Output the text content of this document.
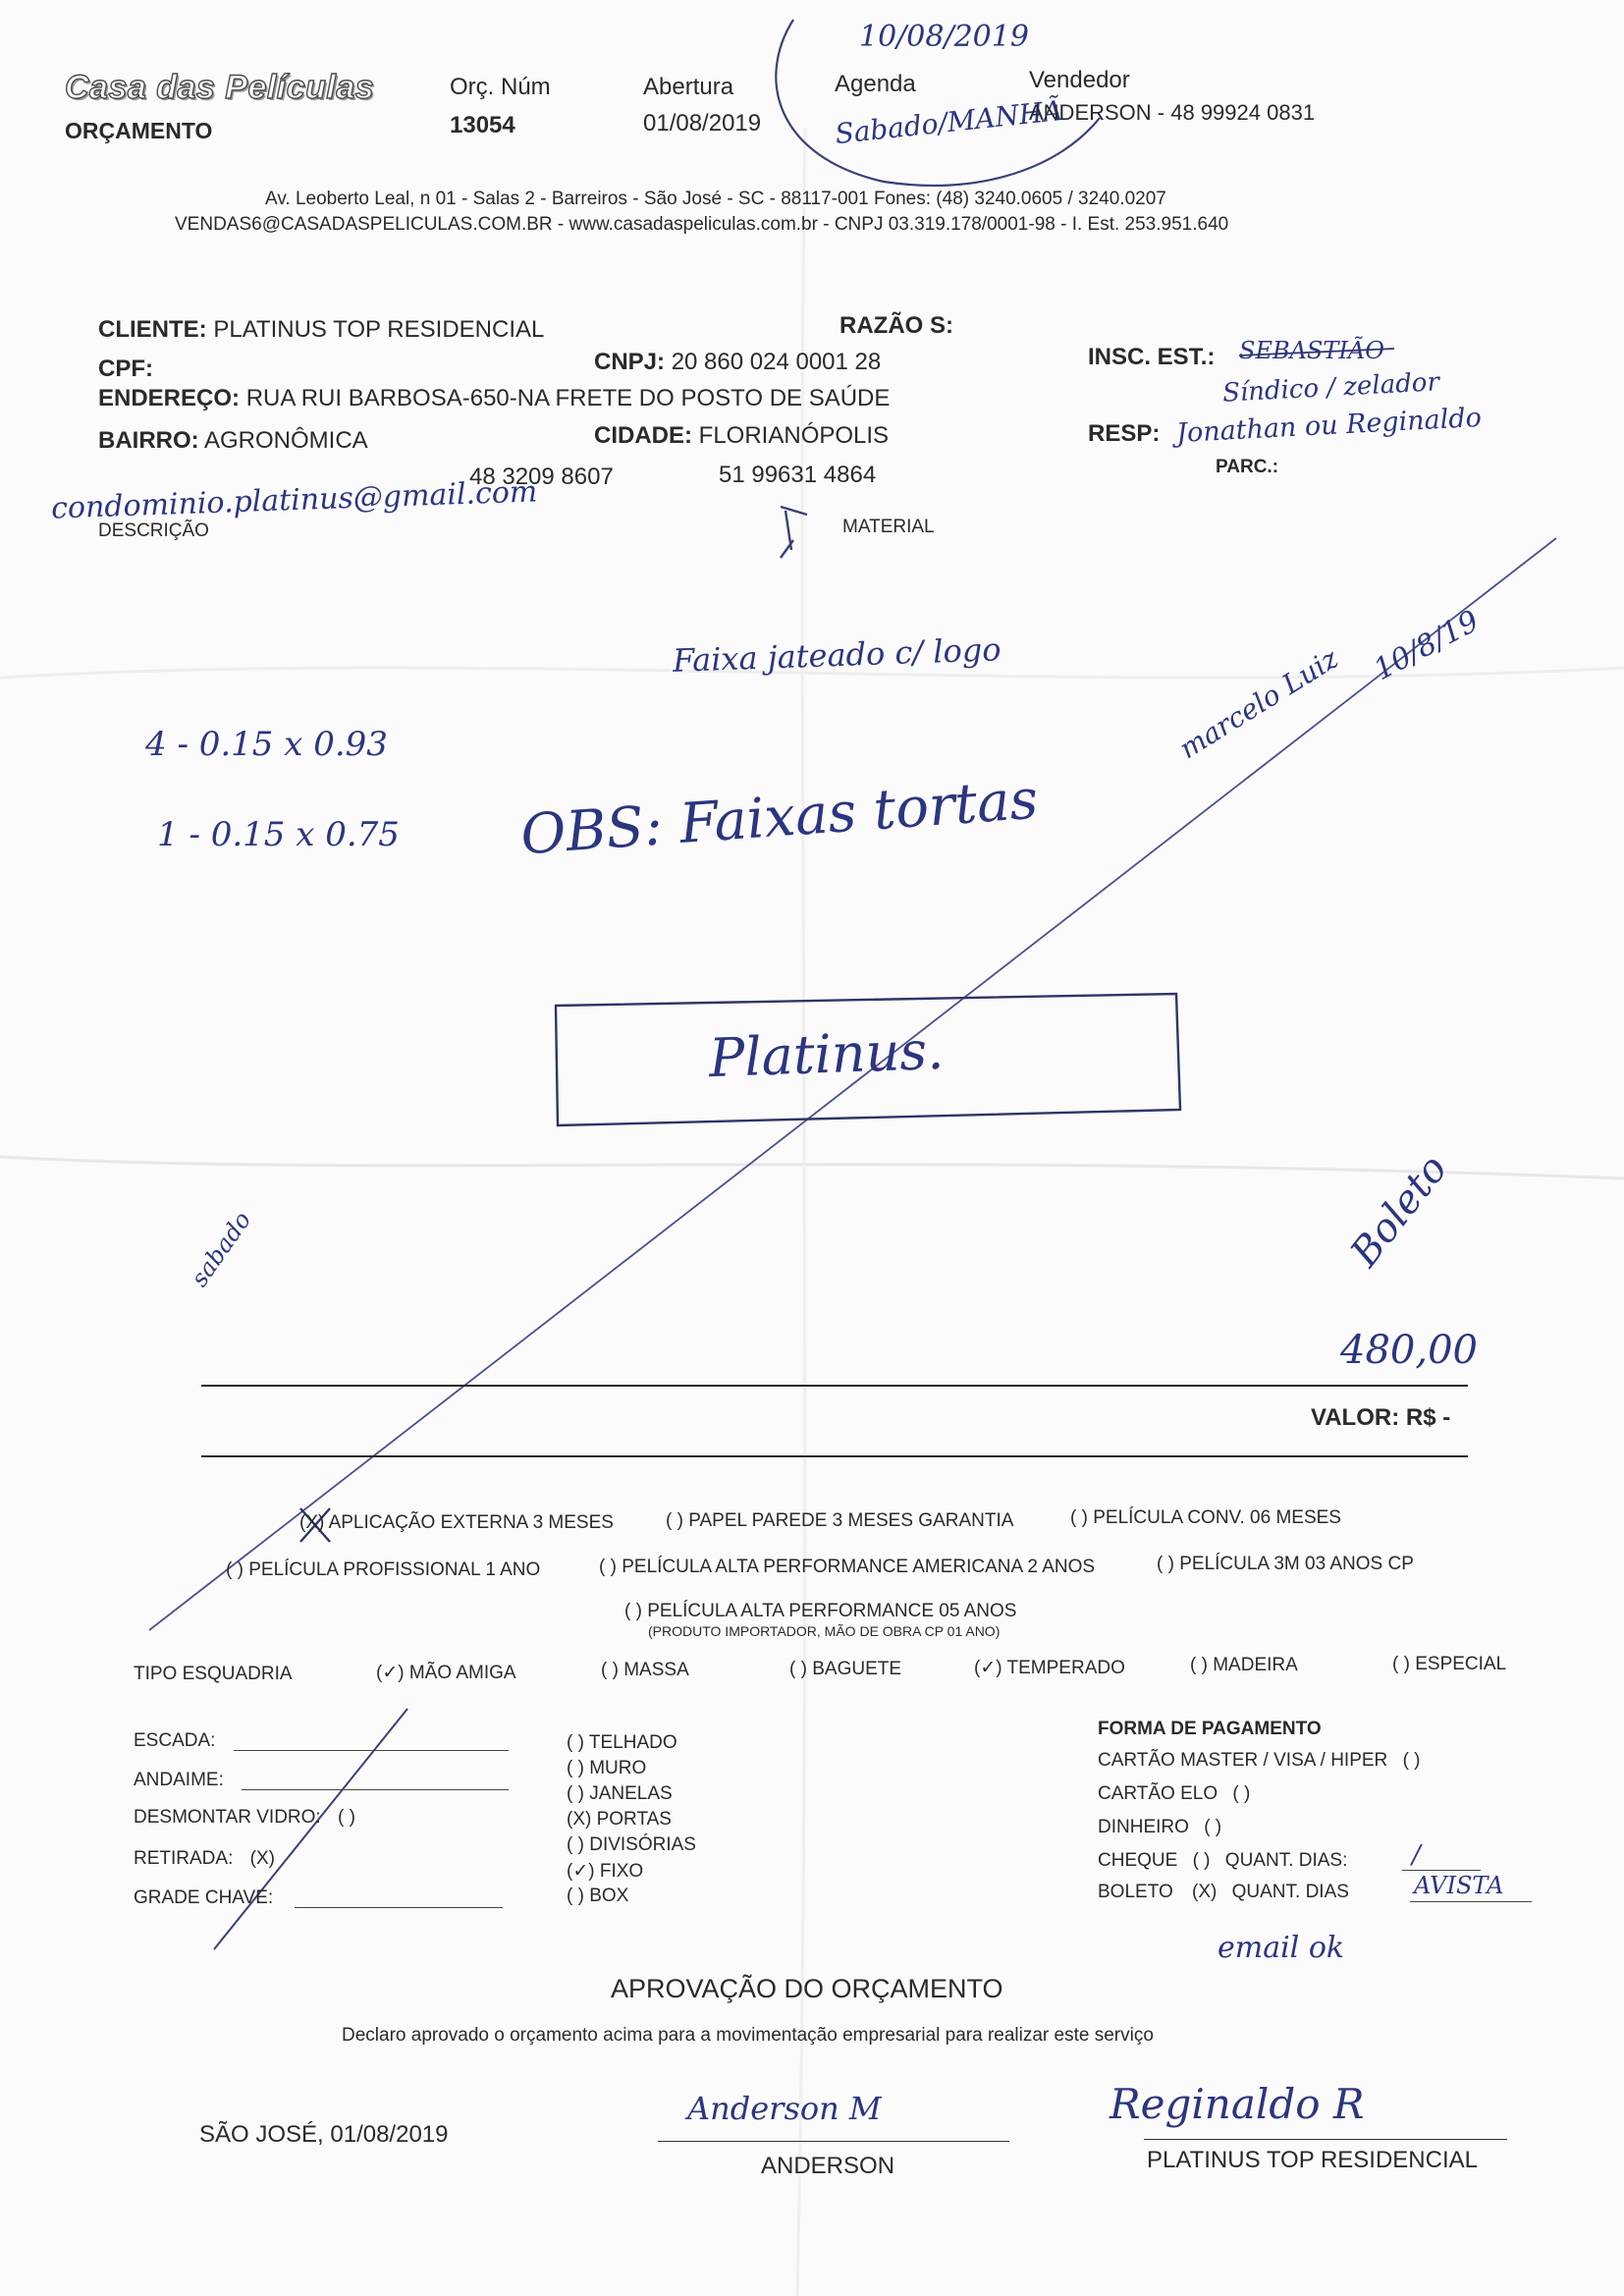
Casa das Películas
ORÇAMENTO
Orç. Núm
13054
Abertura
01/08/2019
Agenda
10/08/2019
Sabado/MANHÃ
Vendedor
ANDERSON - 48 99924 0831
Av. Leoberto Leal, n 01 - Salas 2 - Barreiros - São José - SC - 88117-001 Fones: (48) 3240.0605 / 3240.0207
VENDAS6@CASADASPELICULAS.COM.BR - www.casadaspeliculas.com.br - CNPJ 03.319.178/0001-98 - I. Est. 253.951.640
CLIENTE: PLATINUS TOP RESIDENCIAL	RAZÃO S:
CPF:	CNPJ: 20 860 024 0001 28	INSC. EST.: SEBASTIÃO
Síndico / zelador
ENDEREÇO: RUA RUI BARBOSA-650-NA FRETE DO POSTO DE SAÚDE
BAIRRO: AGRONÔMICA	CIDADE: FLORIANÓPOLIS	RESP: Jonathan ou Reginaldo
PARC.:
48 3209 8607	51 99631 4864
condominio.platinus@gmail.com
DESCRIÇÃO	MATERIAL
Faixa jateado c/ logo
4 - 0.15 x 0.93
1 - 0.15 x 0.75 OBS: Faixas tortas
marcelo Luiz 10/8/19
Platinus.
sabado	Boleto
480,00
VALOR: R$ -
(X) APLICAÇÃO EXTERNA 3 MESES	( ) PAPEL PAREDE 3 MESES GARANTIA	( ) PELÍCULA CONV. 06 MESES
( ) PELÍCULA PROFISSIONAL 1 ANO	( ) PELÍCULA ALTA PERFORMANCE AMERICANA 2 ANOS	( ) PELÍCULA 3M 03 ANOS CP
( ) PELÍCULA ALTA PERFORMANCE 05 ANOS
(PRODUTO IMPORTADOR, MÃO DE OBRA CP 01 ANO)
TIPO ESQUADRIA	(✓) MÃO AMIGA	( ) MASSA	( ) BAGUETE	(✓) TEMPERADO	( ) MADEIRA	( ) ESPECIAL
ESCADA:
ANDAIME:
DESMONTAR VIDRO: ( )
RETIRADA: (X)
GRADE CHAVE:
( ) TELHADO
( ) MURO
( ) JANELAS
(X) PORTAS
( ) DIVISÓRIAS
(✓) FIXO
( ) BOX
FORMA DE PAGAMENTO
CARTÃO MASTER / VISA / HIPER ( )
CARTÃO ELO ( )
DINHEIRO ( )
CHEQUE ( ) QUANT. DIAS:	/
BOLETO (X) QUANT. DIAS	AVISTA
email ok
APROVAÇÃO DO ORÇAMENTO
Declaro aprovado o orçamento acima para a movimentação empresarial para realizar este serviço
SÃO JOSÉ, 01/08/2019
Anderson M
ANDERSON
Reginaldo R
PLATINUS TOP RESIDENCIAL
